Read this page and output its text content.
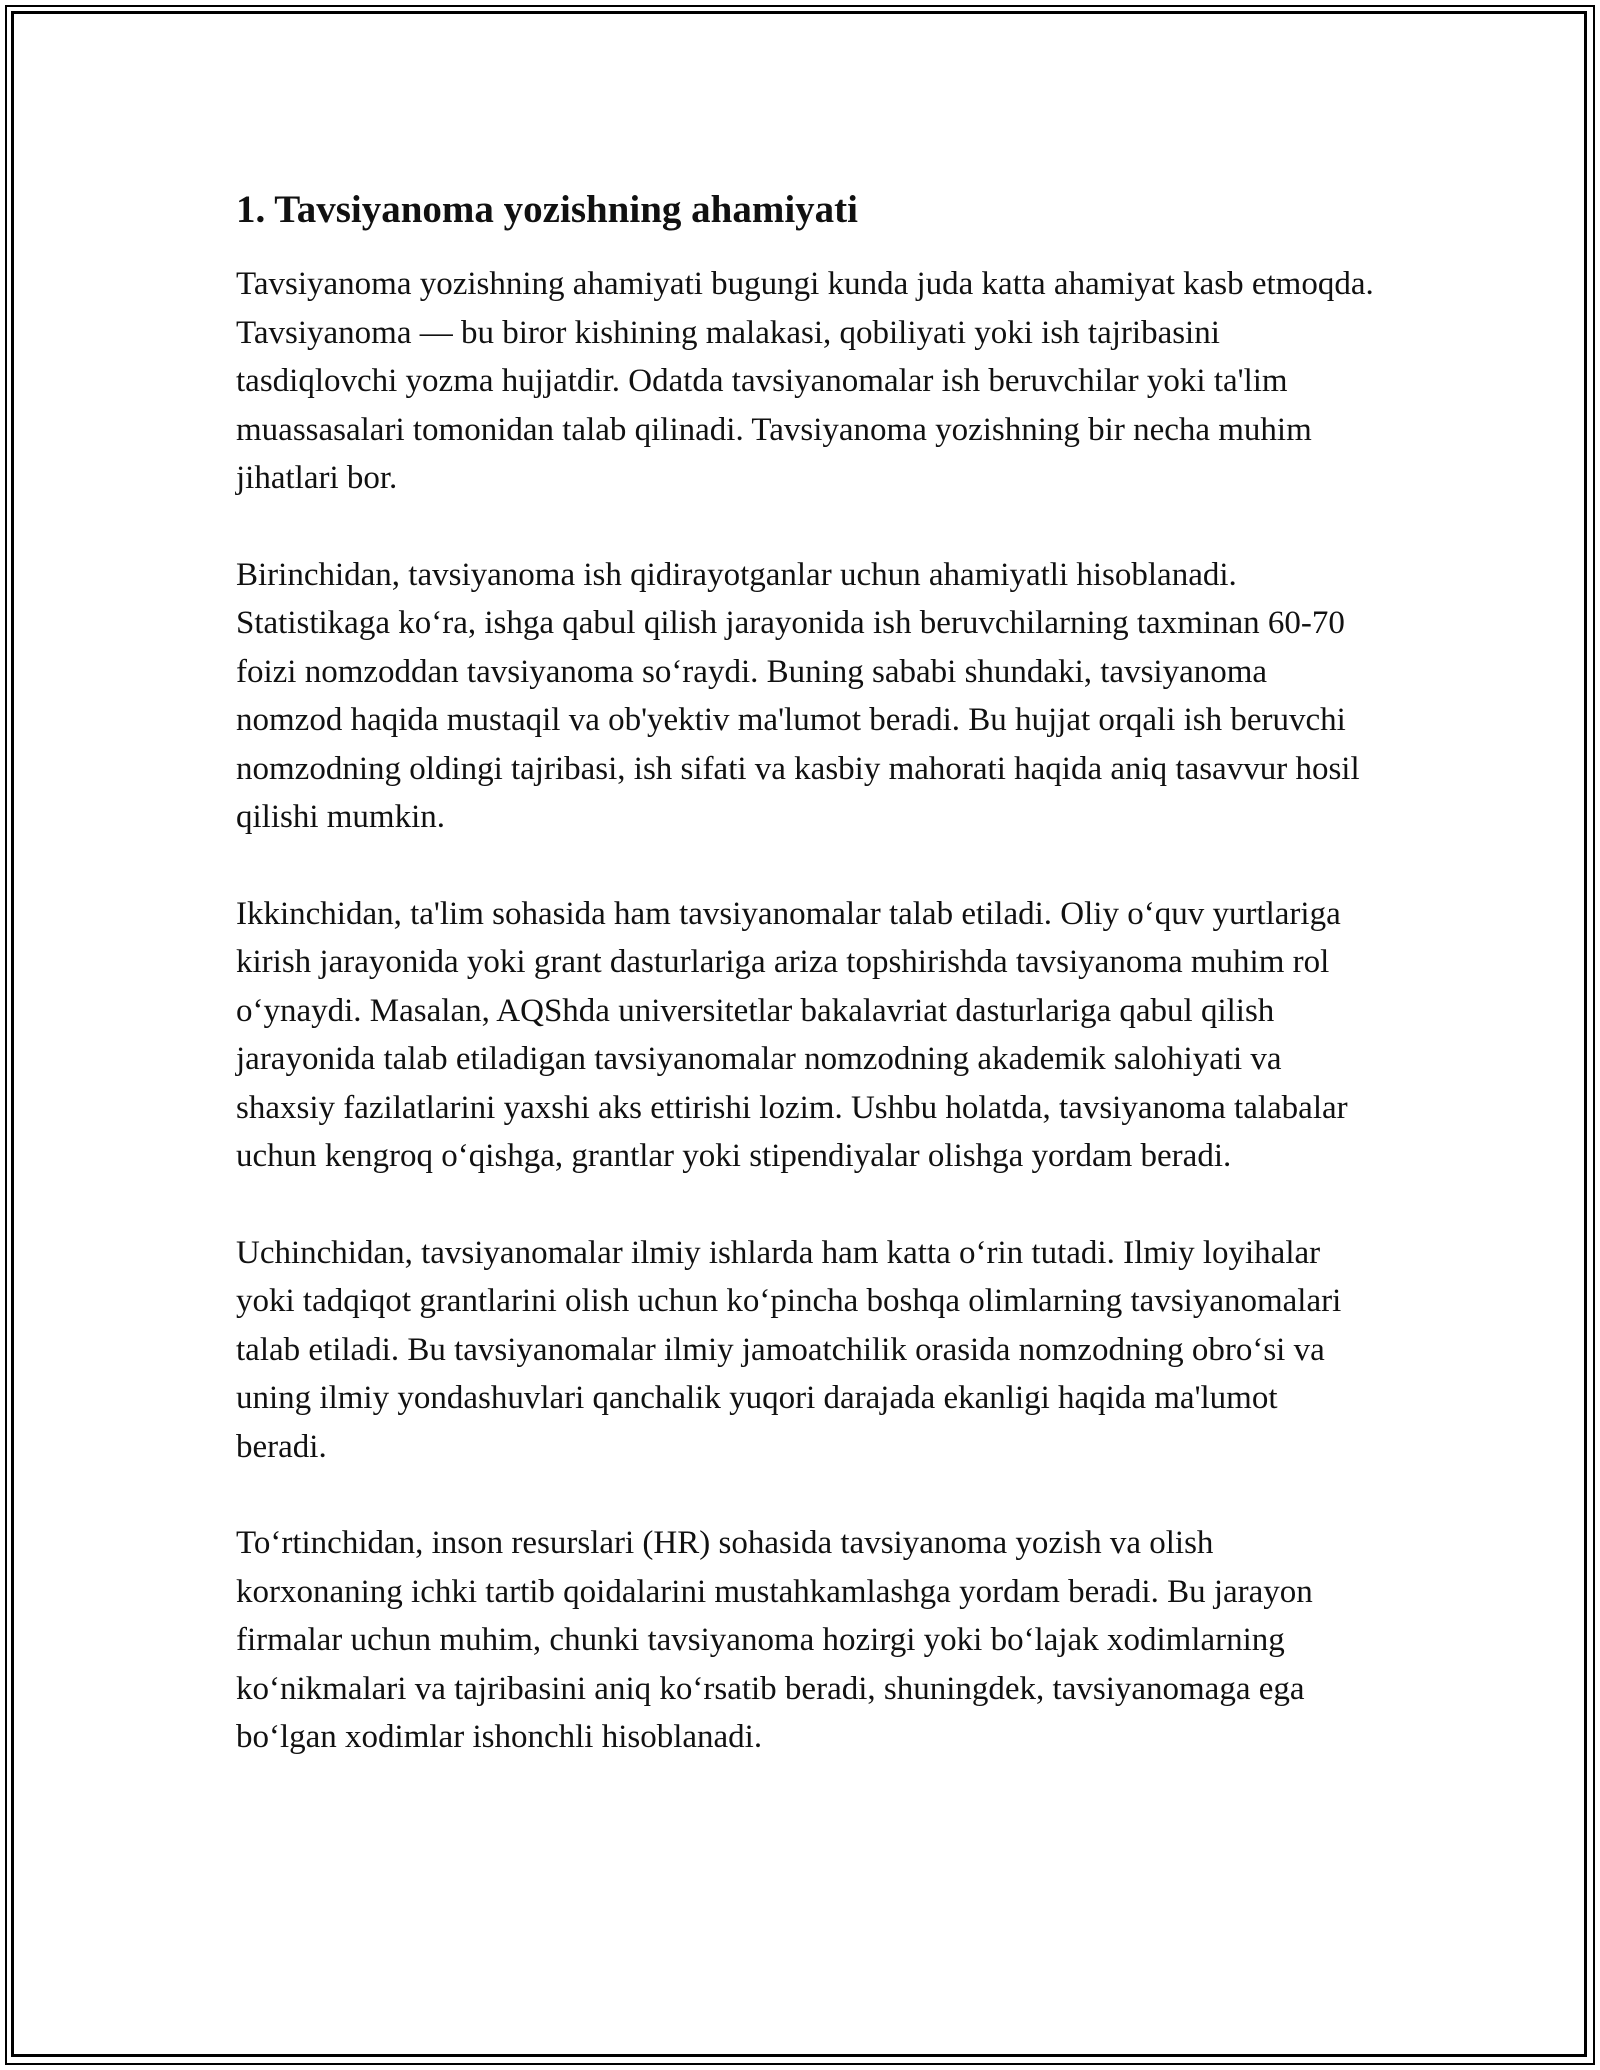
1. Tavsiyanoma yozishning ahamiyati

Tavsiyanoma yozishning ahamiyati bugungi kunda juda katta ahamiyat kasb etmoqda. Tavsiyanoma — bu biror kishining malakasi, qobiliyati yoki ish tajribasini tasdiqlovchi yozma hujjatdir. Odatda tavsiyanomalar ish beruvchilar yoki ta'lim muassasalari tomonidan talab qilinadi. Tavsiyanoma yozishning bir necha muhim jihatlari bor.

Birinchidan, tavsiyanoma ish qidirayotganlar uchun ahamiyatli hisoblanadi. Statistikaga koʻra, ishga qabul qilish jarayonida ish beruvchilarning taxminan 60-70 foizi nomzoddan tavsiyanoma soʻraydi. Buning sababi shundaki, tavsiyanoma nomzod haqida mustaqil va ob'yektiv ma'lumot beradi. Bu hujjat orqali ish beruvchi nomzodning oldingi tajribasi, ish sifati va kasbiy mahorati haqida aniq tasavvur hosil qilishi mumkin.

Ikkinchidan, ta'lim sohasida ham tavsiyanomalar talab etiladi. Oliy oʻquv yurtlariga kirish jarayonida yoki grant dasturlariga ariza topshirishda tavsiyanoma muhim rol oʻynaydi. Masalan, AQShda universitetlar bakalavriat dasturlariga qabul qilish jarayonida talab etiladigan tavsiyanomalar nomzodning akademik salohiyati va shaxsiy fazilatlarini yaxshi aks ettirishi lozim. Ushbu holatda, tavsiyanoma talabalar uchun kengroq oʻqishga, grantlar yoki stipendiyalar olishga yordam beradi.

Uchinchidan, tavsiyanomalar ilmiy ishlarda ham katta oʻrin tutadi. Ilmiy loyihalar yoki tadqiqot grantlarini olish uchun koʻpincha boshqa olimlarning tavsiyanomalari talab etiladi. Bu tavsiyanomalar ilmiy jamoatchilik orasida nomzodning obroʻsi va uning ilmiy yondashuvlari qanchalik yuqori darajada ekanligi haqida ma'lumot beradi.

Toʻrtinchidan, inson resurslari (HR) sohasida tavsiyanoma yozish va olish korxonaning ichki tartib qoidalarini mustahkamlashga yordam beradi. Bu jarayon firmalar uchun muhim, chunki tavsiyanoma hozirgi yoki boʻlajak xodimlarning koʻnikmalari va tajribasini aniq koʻrsatib beradi, shuningdek, tavsiyanomaga ega boʻlgan xodimlar ishonchli hisoblanadi.
